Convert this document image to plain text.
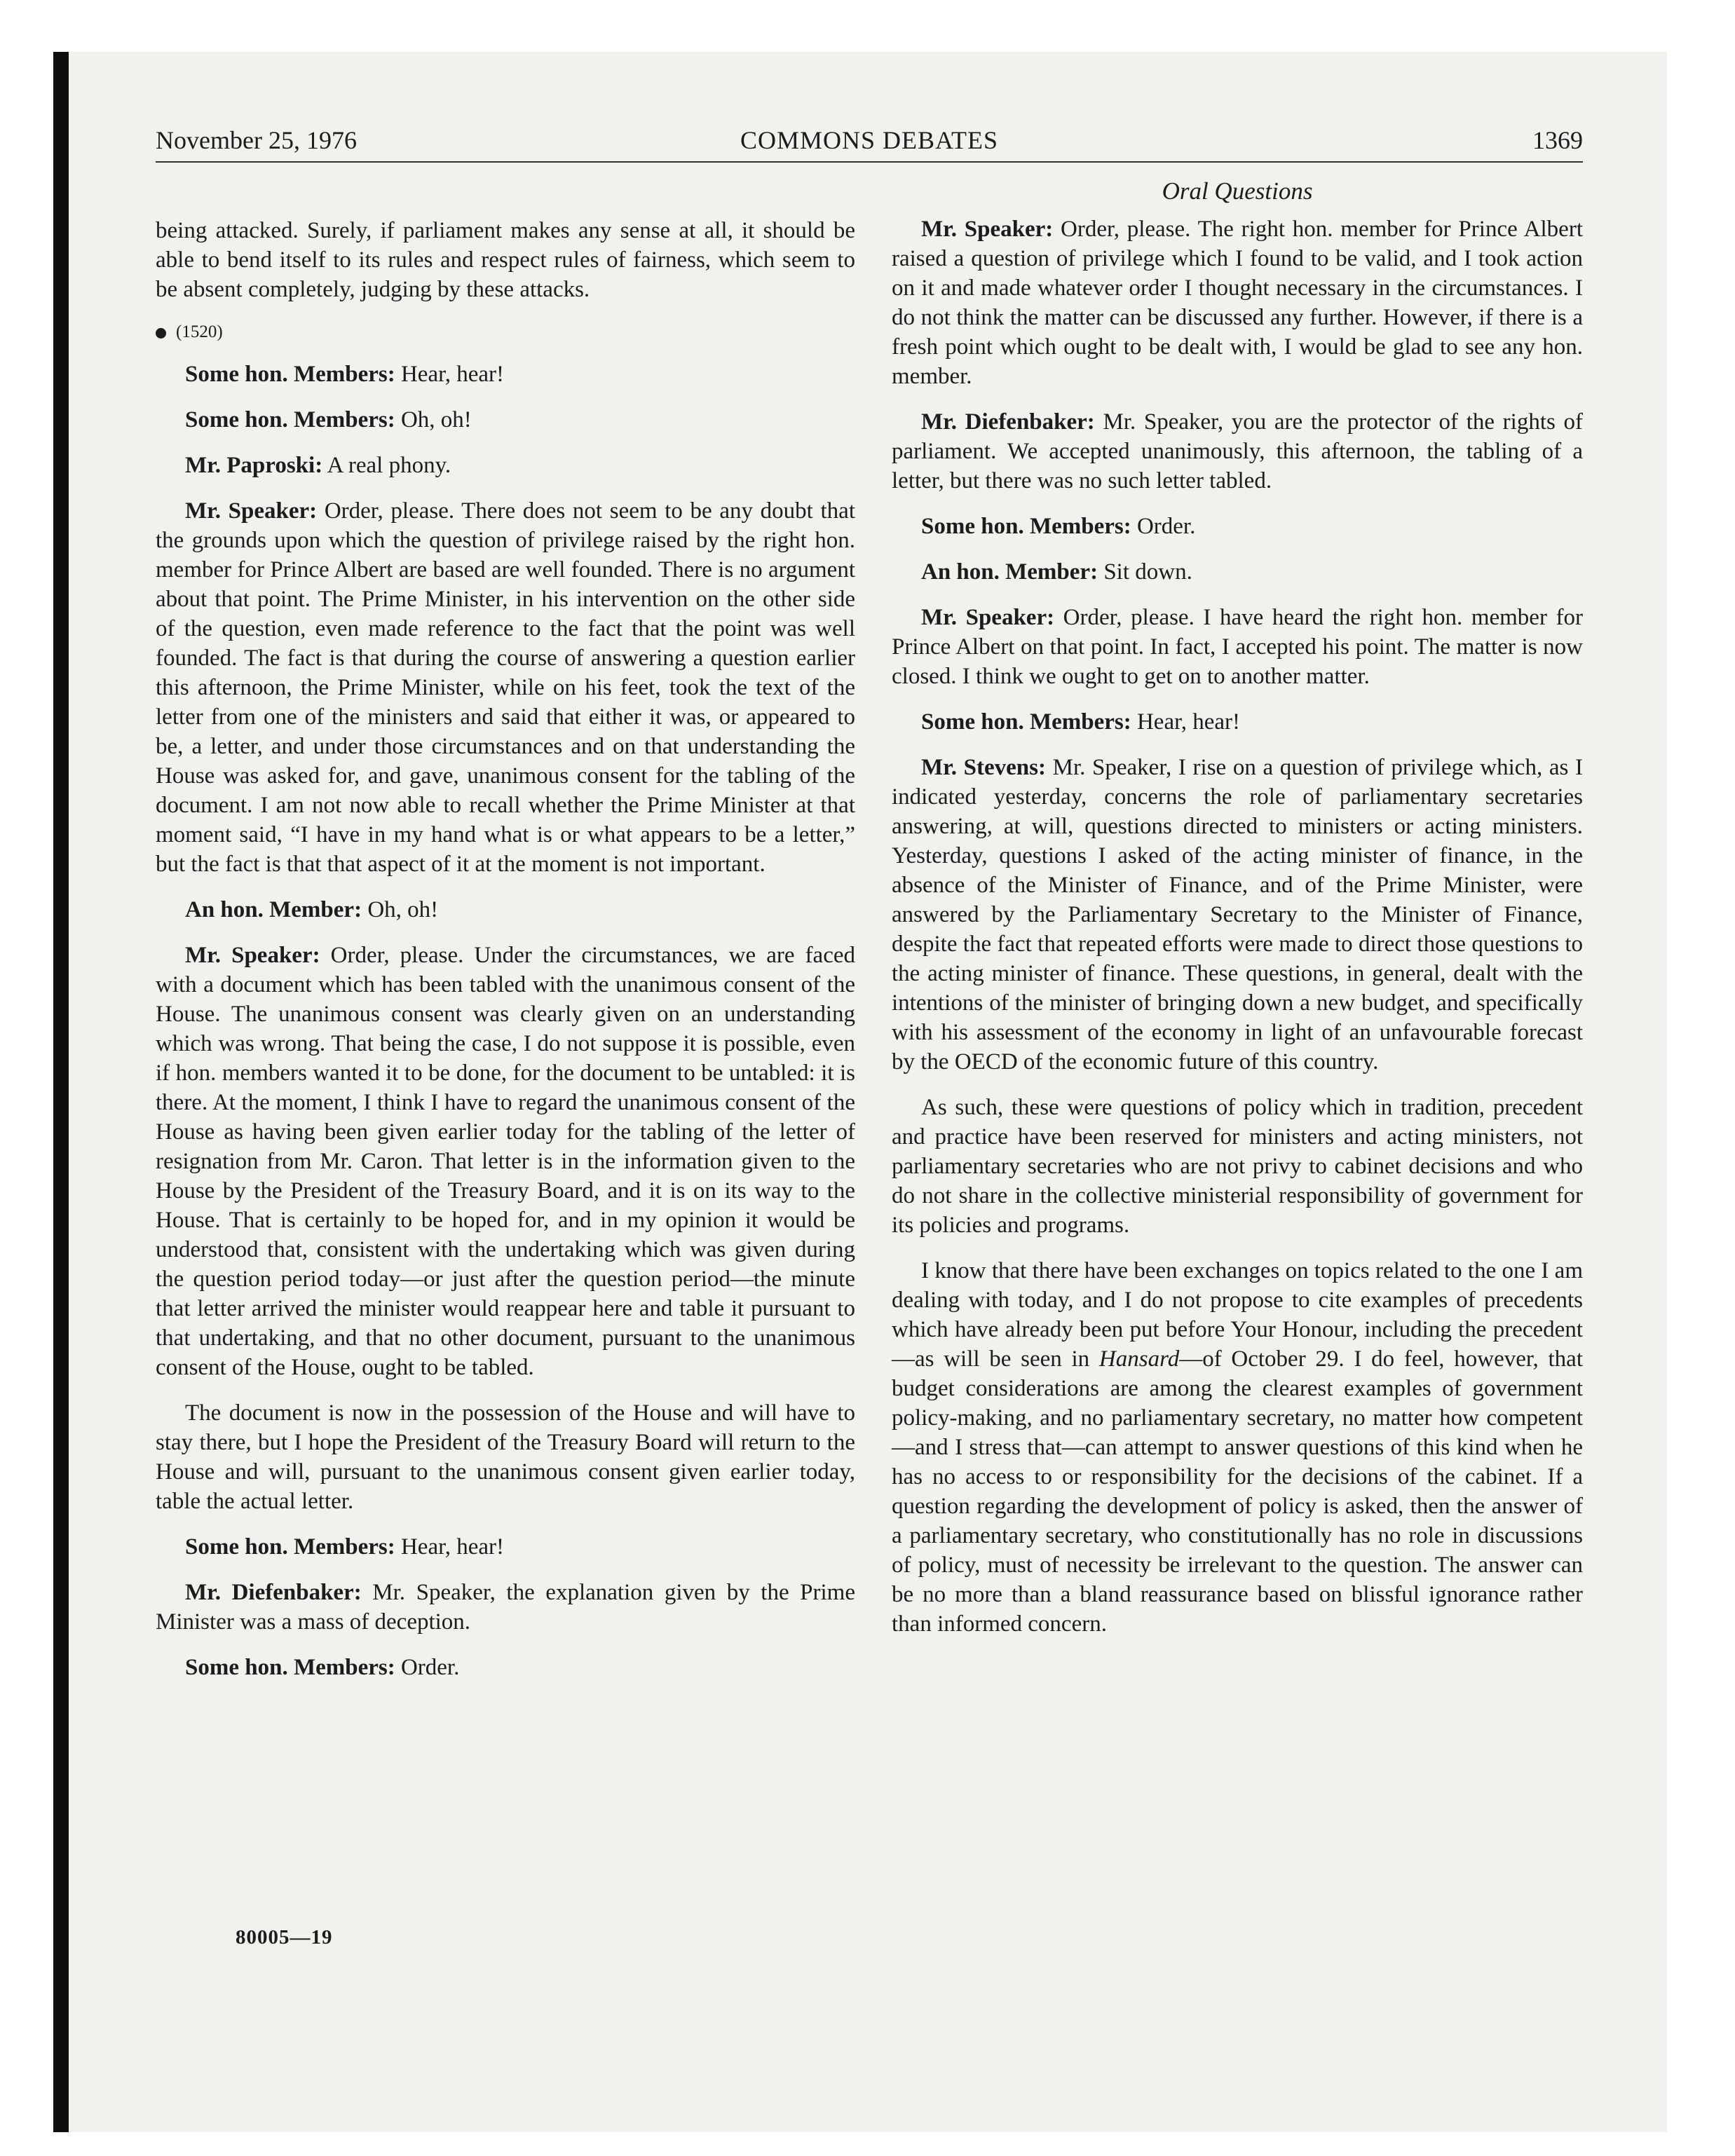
November 25, 1976	COMMONS DEBATES	1369

being attacked. Surely, if parliament makes any sense at all, it should be able to bend itself to its rules and respect rules of fairness, which seem to be absent completely, judging by these attacks.

(1520)

Some hon. Members: Hear, hear!

Some hon. Members: Oh, oh!

Mr. Paproski: A real phony.

Mr. Speaker: Order, please. There does not seem to be any doubt that the grounds upon which the question of privilege raised by the right hon. member for Prince Albert are based are well founded. There is no argument about that point. The Prime Minister, in his intervention on the other side of the question, even made reference to the fact that the point was well founded. The fact is that during the course of answering a question earlier this afternoon, the Prime Minister, while on his feet, took the text of the letter from one of the ministers and said that either it was, or appeared to be, a letter, and under those circumstances and on that understanding the House was asked for, and gave, unanimous consent for the tabling of the document. I am not now able to recall whether the Prime Minister at that moment said, “I have in my hand what is or what appears to be a letter,” but the fact is that that aspect of it at the moment is not important.

An hon. Member: Oh, oh!

Mr. Speaker: Order, please. Under the circumstances, we are faced with a document which has been tabled with the unanimous consent of the House. The unanimous consent was clearly given on an understanding which was wrong. That being the case, I do not suppose it is possible, even if hon. members wanted it to be done, for the document to be untabled: it is there. At the moment, I think I have to regard the unanimous consent of the House as having been given earlier today for the tabling of the letter of resignation from Mr. Caron. That letter is in the information given to the House by the President of the Treasury Board, and it is on its way to the House. That is certainly to be hoped for, and in my opinion it would be understood that, consistent with the undertaking which was given during the question period today—or just after the question period—the minute that letter arrived the minister would reappear here and table it pursuant to that undertaking, and that no other document, pursuant to the unanimous consent of the House, ought to be tabled.

The document is now in the possession of the House and will have to stay there, but I hope the President of the Treasury Board will return to the House and will, pursuant to the unanimous consent given earlier today, table the actual letter.

Some hon. Members: Hear, hear!

Mr. Diefenbaker: Mr. Speaker, the explanation given by the Prime Minister was a mass of deception.

Some hon. Members: Order.

Oral Questions

Mr. Speaker: Order, please. The right hon. member for Prince Albert raised a question of privilege which I found to be valid, and I took action on it and made whatever order I thought necessary in the circumstances. I do not think the matter can be discussed any further. However, if there is a fresh point which ought to be dealt with, I would be glad to see any hon. member.

Mr. Diefenbaker: Mr. Speaker, you are the protector of the rights of parliament. We accepted unanimously, this afternoon, the tabling of a letter, but there was no such letter tabled.

Some hon. Members: Order.

An hon. Member: Sit down.

Mr. Speaker: Order, please. I have heard the right hon. member for Prince Albert on that point. In fact, I accepted his point. The matter is now closed. I think we ought to get on to another matter.

Some hon. Members: Hear, hear!

Mr. Stevens: Mr. Speaker, I rise on a question of privilege which, as I indicated yesterday, concerns the role of parliamentary secretaries answering, at will, questions directed to ministers or acting ministers. Yesterday, questions I asked of the acting minister of finance, in the absence of the Minister of Finance, and of the Prime Minister, were answered by the Parliamentary Secretary to the Minister of Finance, despite the fact that repeated efforts were made to direct those questions to the acting minister of finance. These questions, in general, dealt with the intentions of the minister of bringing down a new budget, and specifically with his assessment of the economy in light of an unfavourable forecast by the OECD of the economic future of this country.

As such, these were questions of policy which in tradition, precedent and practice have been reserved for ministers and acting ministers, not parliamentary secretaries who are not privy to cabinet decisions and who do not share in the collective ministerial responsibility of government for its policies and programs.

I know that there have been exchanges on topics related to the one I am dealing with today, and I do not propose to cite examples of precedents which have already been put before Your Honour, including the precedent—as will be seen in Hansard—of October 29. I do feel, however, that budget considerations are among the clearest examples of government policy-making, and no parliamentary secretary, no matter how competent—and I stress that—can attempt to answer questions of this kind when he has no access to or responsibility for the decisions of the cabinet. If a question regarding the development of policy is asked, then the answer of a parliamentary secretary, who constitutionally has no role in discussions of policy, must of necessity be irrelevant to the question. The answer can be no more than a bland reassurance based on blissful ignorance rather than informed concern.

80005—19
